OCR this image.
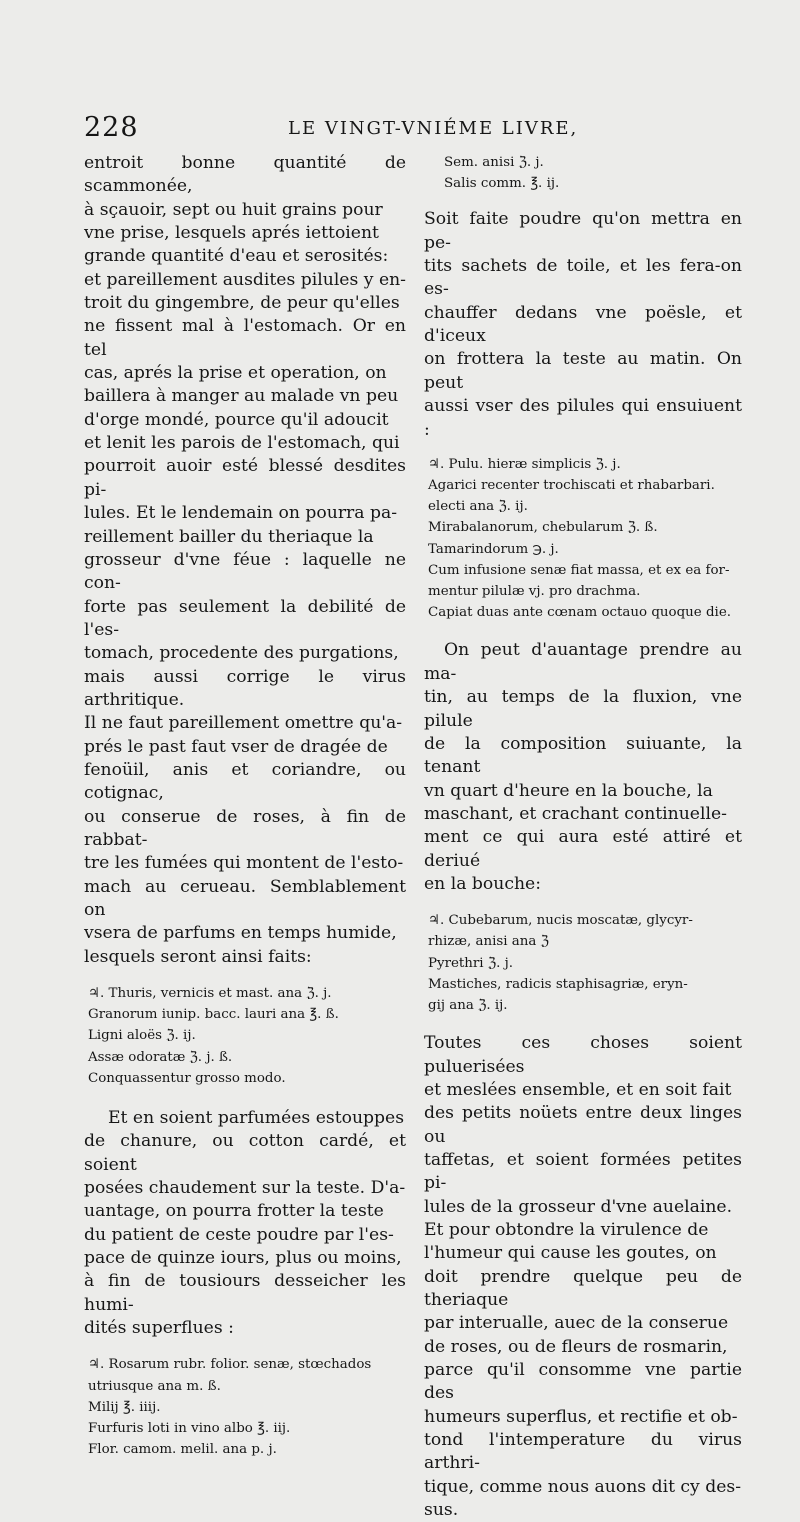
228	LE VINGT-VNIÉME LIVRE,

entroit bonne quantité de scammonée,
à sçauoir, sept ou huit grains pour
vne prise, lesquels aprés iettoient
grande quantité d'eau et serosités:
et pareillement ausdites pilules y en-
troit du gingembre, de peur qu'elles
ne fissent mal à l'estomach. Or en tel
cas, aprés la prise et operation, on
baillera à manger au malade vn peu
d'orge mondé, pource qu'il adoucit
et lenit les parois de l'estomach, qui
pourroit auoir esté blessé desdites pi-
lules. Et le lendemain on pourra pa-
reillement bailler du theriaque la
grosseur d'vne féue : laquelle ne con-
forte pas seulement la debilité de l'es-
tomach, procedente des purgations,
mais aussi corrige le virus arthritique.
Il ne faut pareillement omettre qu'a-
prés le past faut vser de dragée de
fenoüil, anis et coriandre, ou cotignac,
ou conserue de roses, à fin de rabbat-
tre les fumées qui montent de l'esto-
mach au cerueau. Semblablement on
vsera de parfums en temps humide,
lesquels seront ainsi faits:

♃. Thuris, vernicis et mast. ana ℨ. j.
Granorum iunip. bacc. lauri ana ℥. ß.
Ligni aloës ℨ. ij.
Assæ odoratæ ℨ. j. ß.
Conquassentur grosso modo.

Et en soient parfumées estouppes
de chanure, ou cotton cardé, et soient
posées chaudement sur la teste. D'a-
uantage, on pourra frotter la teste
du patient de ceste poudre par l'es-
pace de quinze iours, plus ou moins,
à fin de tousiours desseicher les humi-
dités superflues :

♃. Rosarum rubr. folior. senæ, stœchados
utriusque ana m. ß.
Milij ℥. iiij.
Furfuris loti in vino albo ℥. iij.
Flor. camom. melil. ana p. j.
Sem. anisi ℨ. j.
Salis comm. ℥. ij.

Soit faite poudre qu'on mettra en pe-
tits sachets de toile, et les fera-on es-
chauffer dedans vne poësle, et d'iceux
on frottera la teste au matin. On peut
aussi vser des pilules qui ensuiuent :

♃. Pulu. hieræ simplicis ℨ. j.
Agarici recenter trochiscati et rhabarbari.
electi ana ℨ. ij.
Mirabalanorum, chebularum ℨ. ß.
Tamarindorum ℈. j.
Cum infusione senæ fiat massa, et ex ea for-
mentur pilulæ vj. pro drachma.
Capiat duas ante cœnam octauo quoque die.

On peut d'auantage prendre au ma-
tin, au temps de la fluxion, vne pilule
de la composition suiuante, la tenant
vn quart d'heure en la bouche, la
maschant, et crachant continuelle-
ment ce qui aura esté attiré et deriué
en la bouche:

♃. Cubebarum, nucis moscatæ, glycyr-
rhizæ, anisi ana ℨ
Pyrethri ℨ. j.
Mastiches, radicis staphisagriæ, eryn-
gij ana ℨ. ij.

Toutes ces choses soient puluerisées
et meslées ensemble, et en soit fait
des petits noüets entre deux linges ou
taffetas, et soient formées petites pi-
lules de la grosseur d'vne auelaine.
Et pour obtondre la virulence de
l'humeur qui cause les goutes, on
doit prendre quelque peu de theriaque
par interualle, auec de la conserue
de roses, ou de fleurs de rosmarin,
parce qu'il consomme vne partie des
humeurs superflus, et rectifie et ob-
tond l'intemperature du virus arthri-
tique, comme nous auons dit cy des-
sus.
